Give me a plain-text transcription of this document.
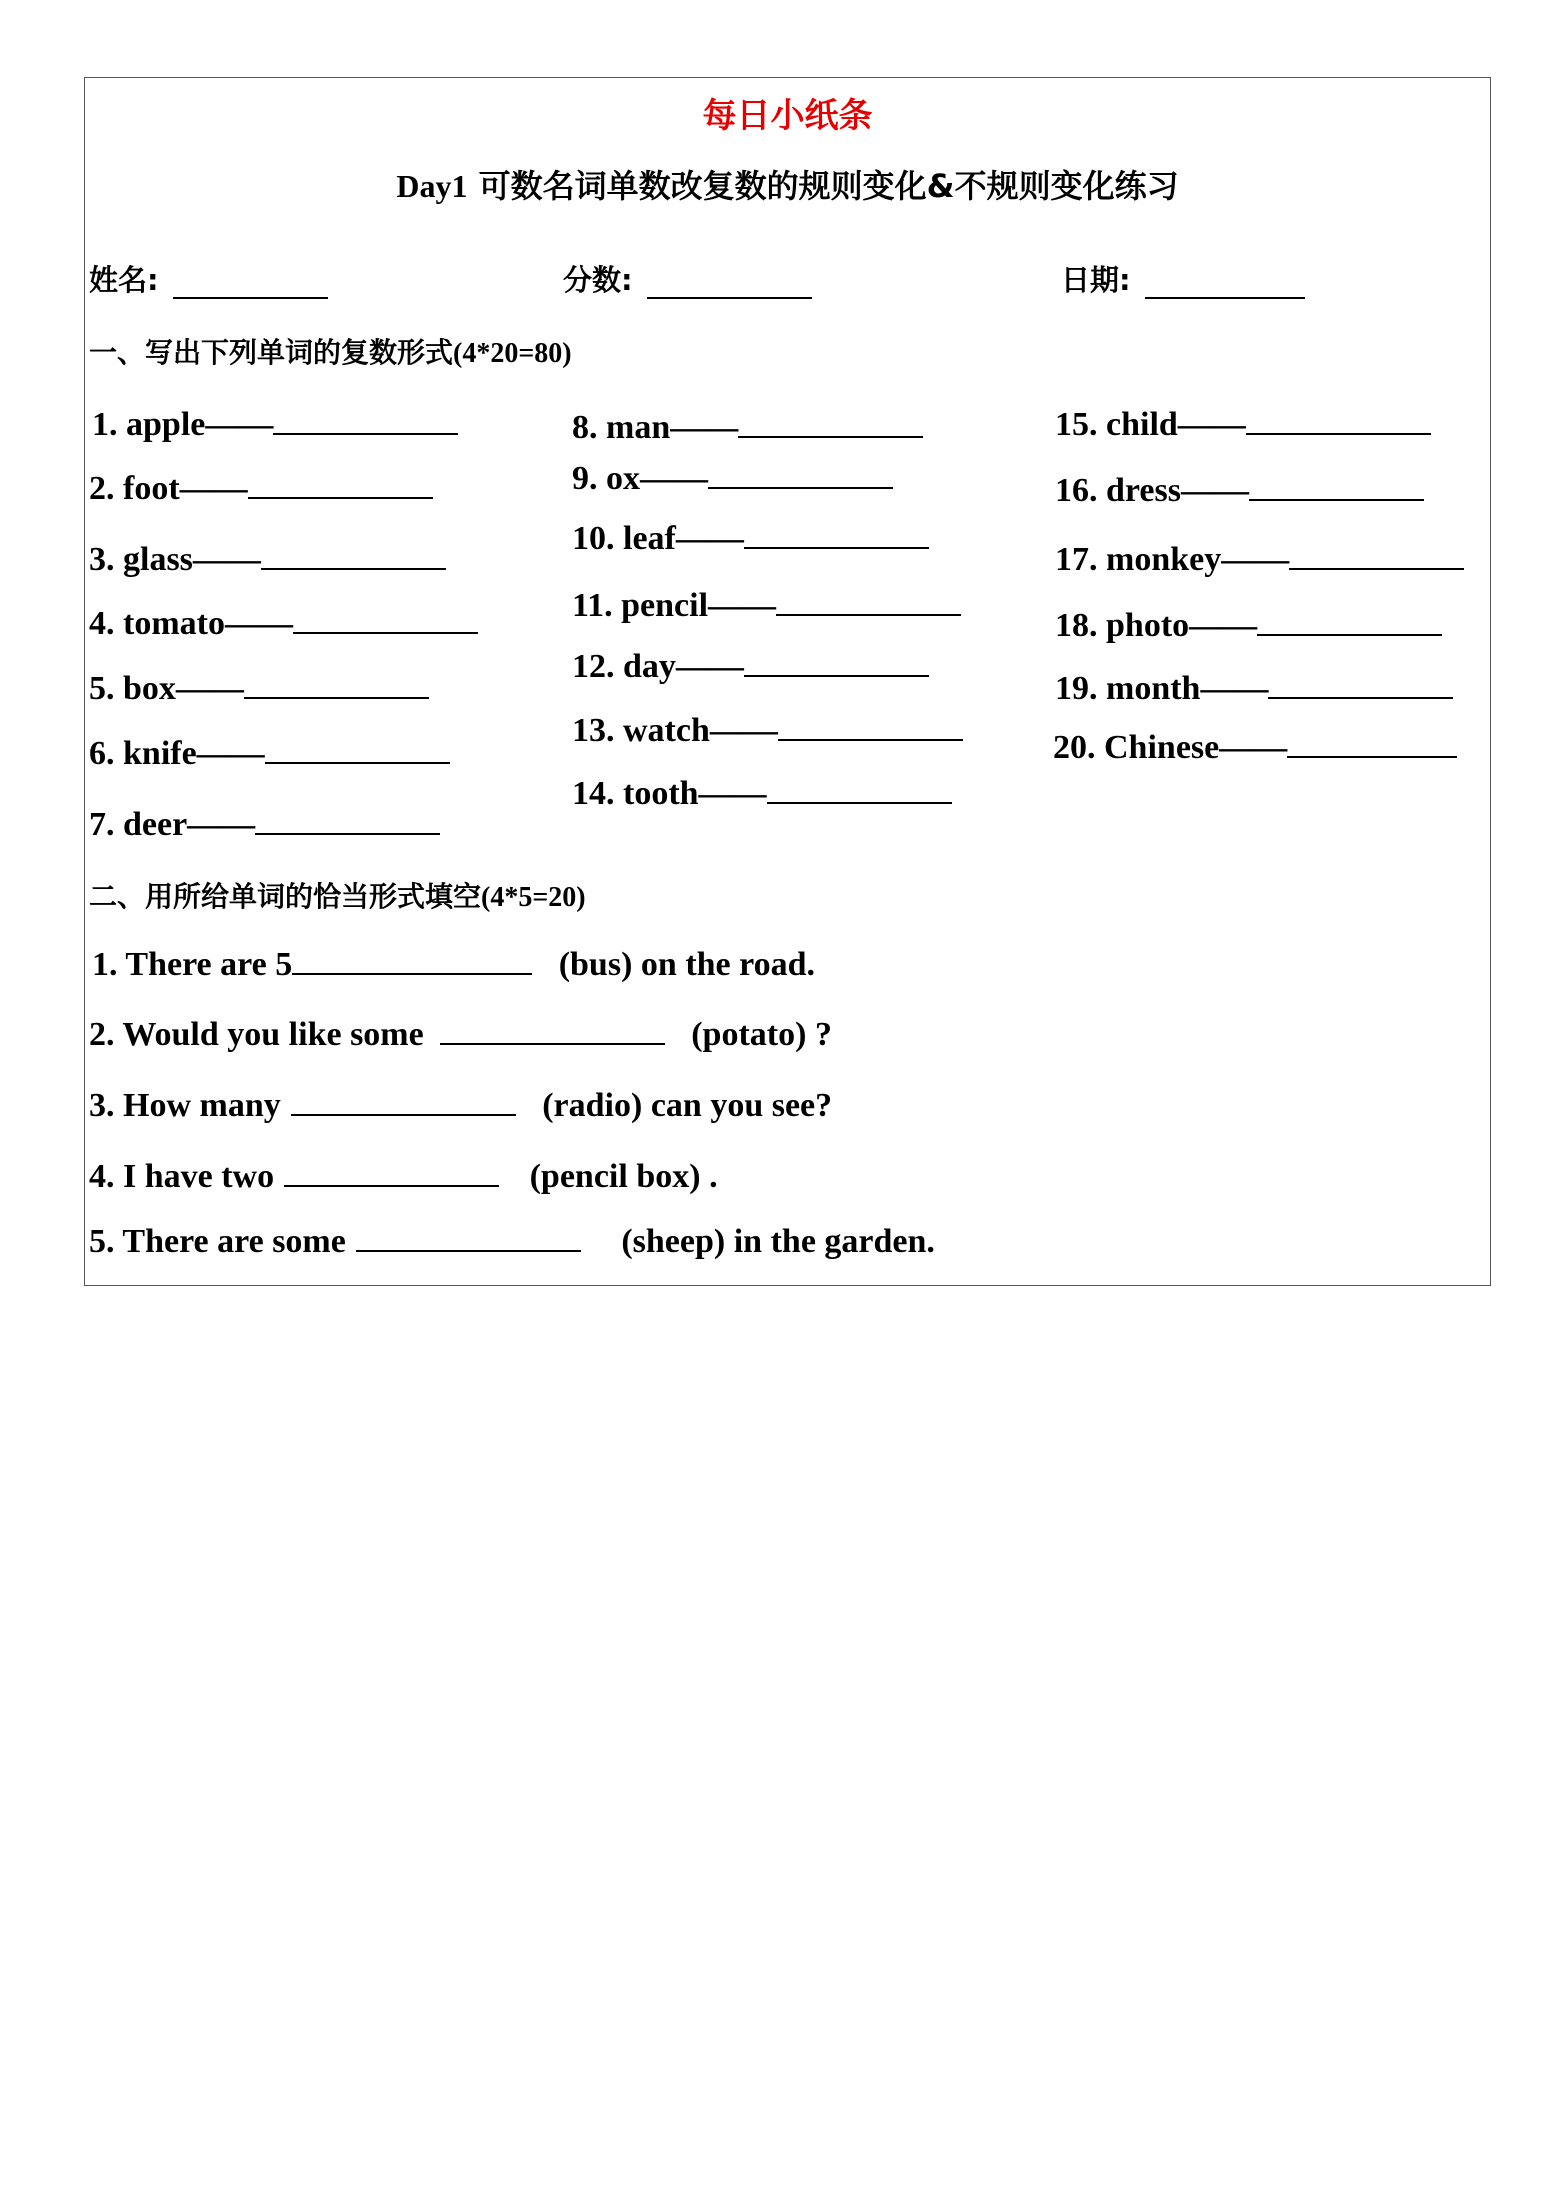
每日小纸条
Day1 可数名词单数改复数的规则变化&不规则变化练习
姓名:	分数:	日期:
一、写出下列单词的复数形式(4*20=80)
1. apple——
2. foot——
3. glass——
4. tomato——
5. box——
6. knife——
7. deer——
8. man——
9. ox——
10. leaf——
11. pencil——
12. day——
13. watch——
14. tooth——
15. child——
16. dress——
17. monkey——
18. photo——
19. month——
20. Chinese——
二、用所给单词的恰当形式填空(4*5=20)
1. There are 5	(bus) on the road.
2. Would you like some	(potato) ?
3. How many	(radio) can you see?
4. I have two	(pencil box) .
5. There are some	(sheep) in the garden.
